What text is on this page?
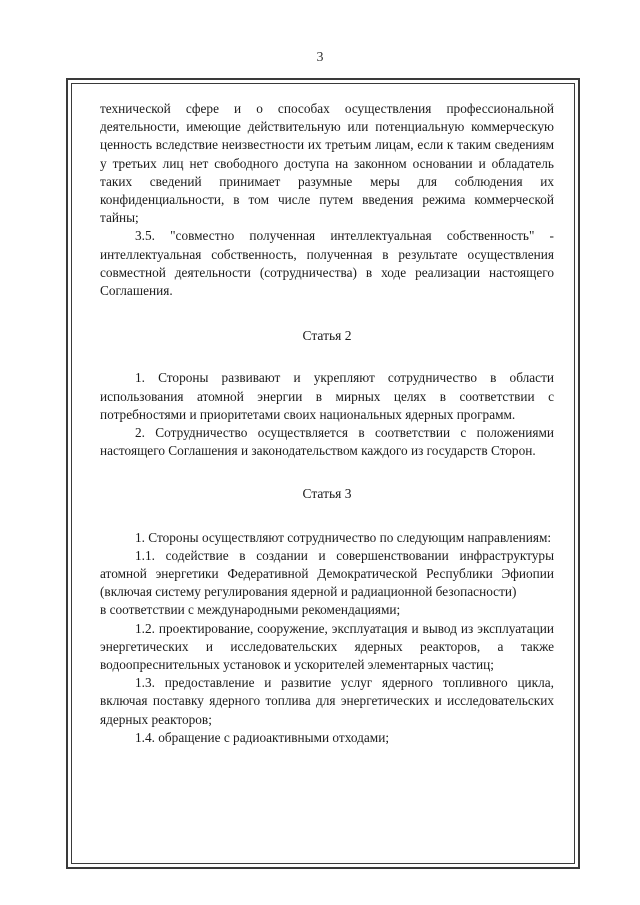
3

технической сфере и о способах осуществления профессиональной деятельности, имеющие действительную или потенциальную коммерческую ценность вследствие неизвестности их третьим лицам, если к таким сведениям у третьих лиц нет свободного доступа на законном основании и обладатель таких сведений принимает разумные меры для соблюдения их конфиденциальности, в том числе путем введения режима коммерческой тайны;

3.5. "совместно полученная интеллектуальная собственность" - интеллектуальная собственность, полученная в результате осуществления совместной деятельности (сотрудничества) в ходе реализации настоящего Соглашения.

Статья 2

1. Стороны развивают и укрепляют сотрудничество в области использования атомной энергии в мирных целях в соответствии с потребностями и приоритетами своих национальных ядерных программ.

2. Сотрудничество осуществляется в соответствии с положениями настоящего Соглашения и законодательством каждого из государств Сторон.

Статья 3

1. Стороны осуществляют сотрудничество по следующим направлениям:

1.1. содействие в создании и совершенствовании инфраструктуры атомной энергетики Федеративной Демократической Республики Эфиопии (включая систему регулирования ядерной и радиационной безопасности)

в соответствии с международными рекомендациями;

1.2. проектирование, сооружение, эксплуатация и вывод из эксплуатации энергетических и исследовательских ядерных реакторов, а также водоопреснительных установок и ускорителей элементарных частиц;

1.3. предоставление и развитие услуг ядерного топливного цикла, включая поставку ядерного топлива для энергетических и исследовательских ядерных реакторов;

1.4. обращение с радиоактивными отходами;
